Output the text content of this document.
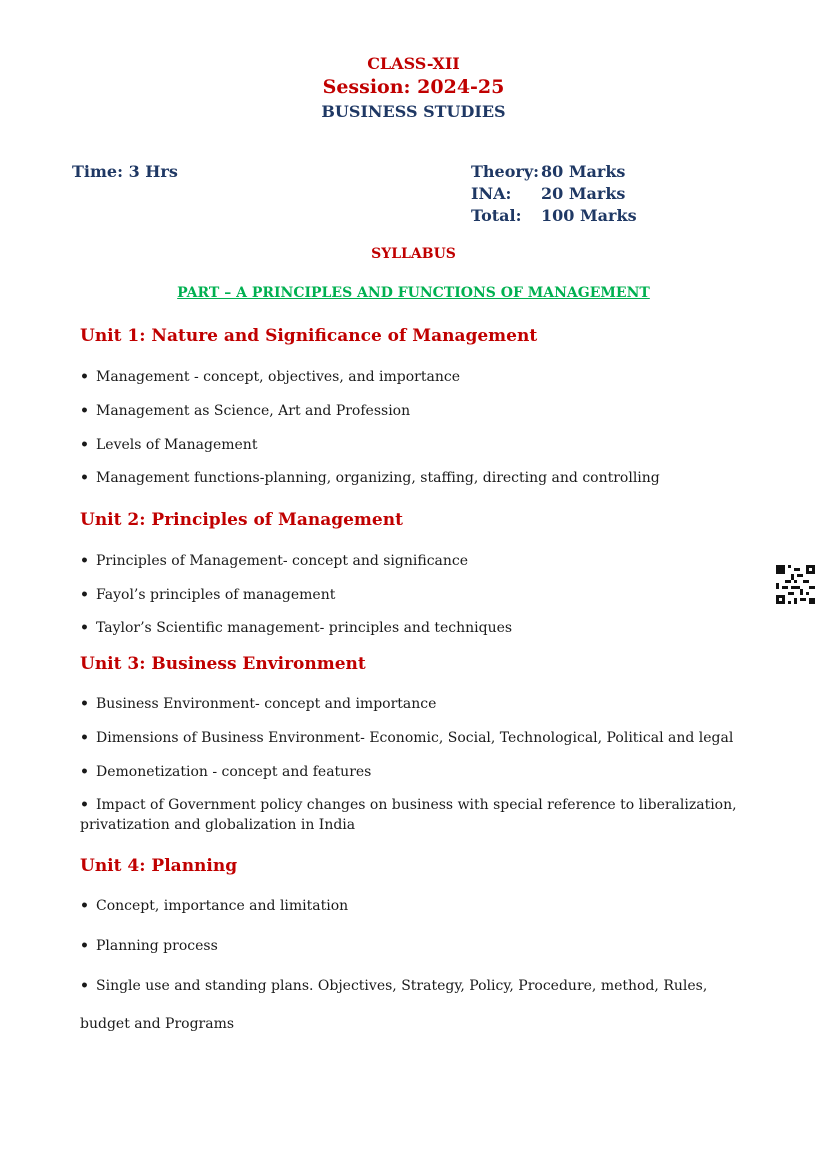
CLASS-XII
Session: 2024-25
BUSINESS STUDIES
Time: 3 Hrs	Theory: 80 Marks
INA: 20 Marks
Total: 100 Marks
SYLLABUS
PART – A PRINCIPLES AND FUNCTIONS OF MANAGEMENT
Unit 1: Nature and Significance of Management
• Management - concept, objectives, and importance
• Management as Science, Art and Profession
• Levels of Management
• Management functions-planning, organizing, staffing, directing and controlling
Unit 2: Principles of Management
• Principles of Management- concept and significance
• Fayol’s principles of management
• Taylor’s Scientific management- principles and techniques
Unit 3: Business Environment
• Business Environment- concept and importance
• Dimensions of Business Environment- Economic, Social, Technological, Political and legal
• Demonetization - concept and features
• Impact of Government policy changes on business with special reference to liberalization,
privatization and globalization in India
Unit 4: Planning
• Concept, importance and limitation
• Planning process
• Single use and standing plans. Objectives, Strategy, Policy, Procedure, method, Rules,
budget and Programs
